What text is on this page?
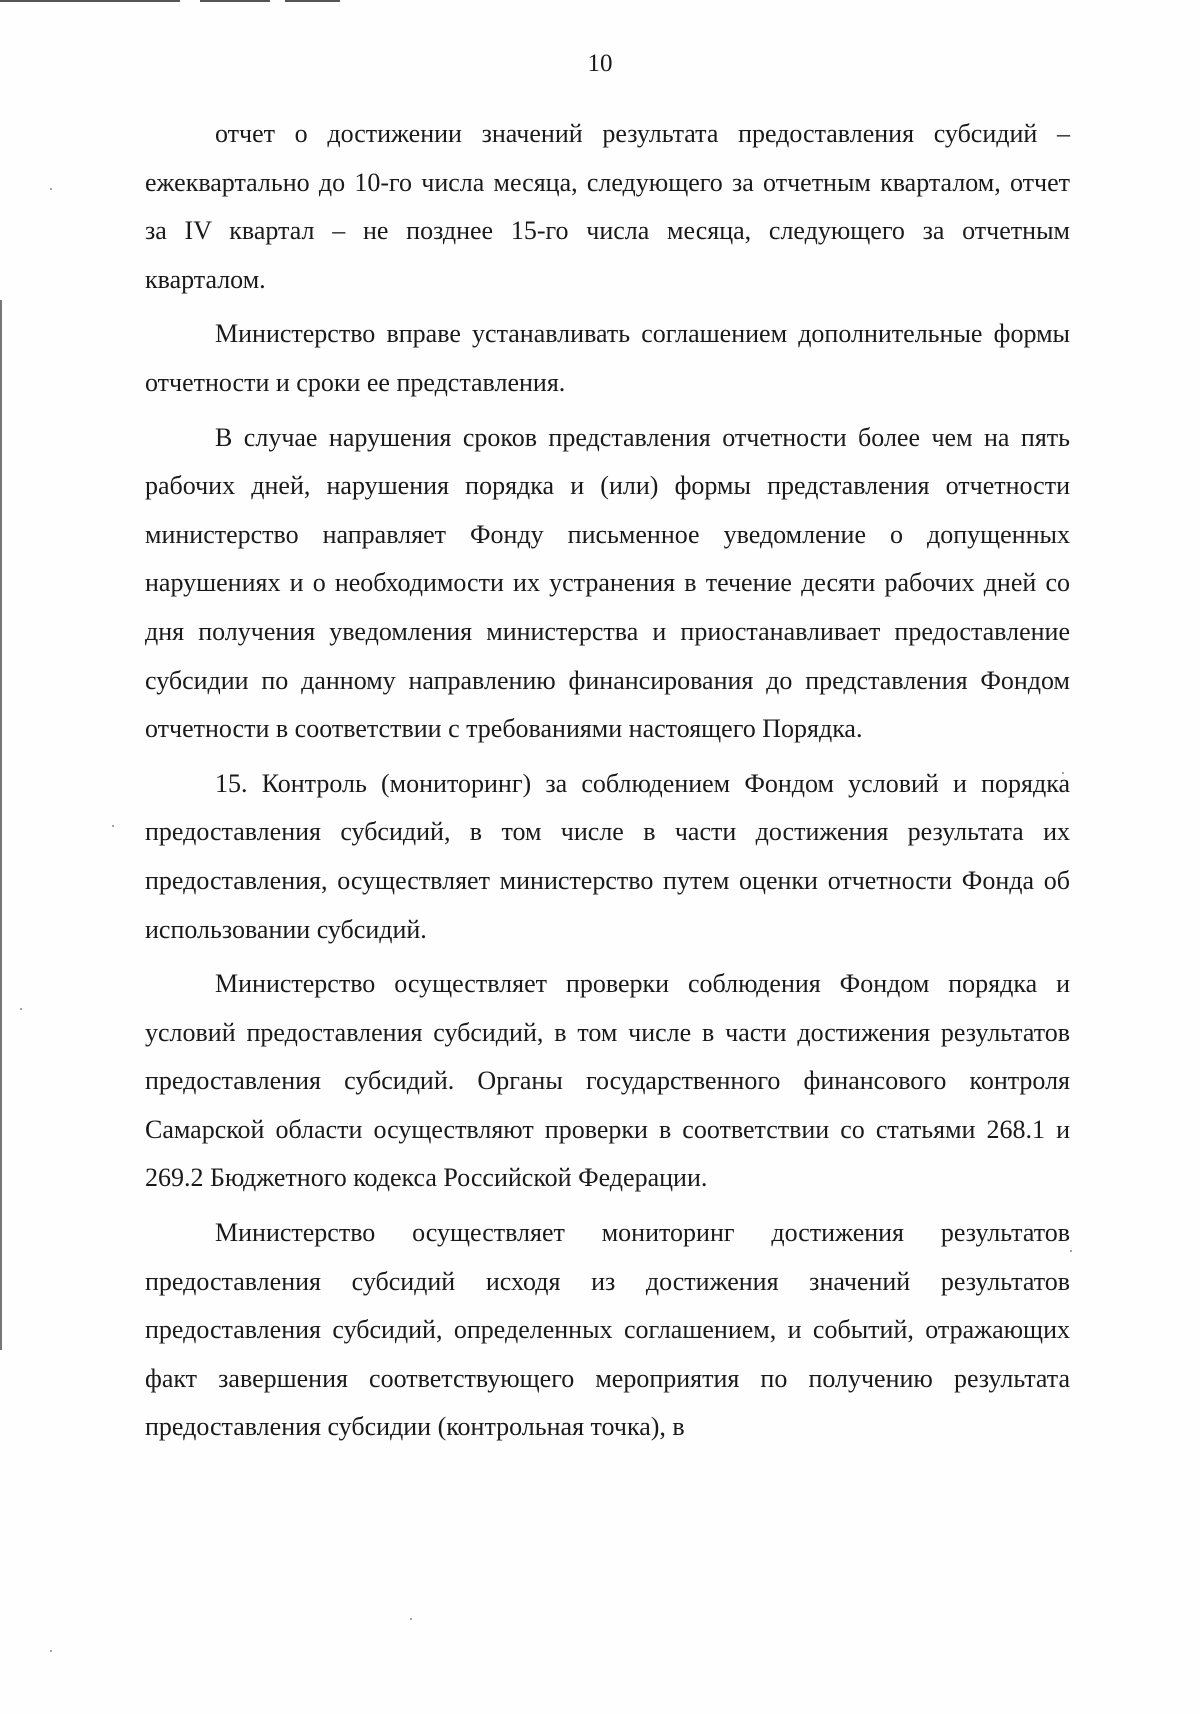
10

отчет о достижении значений результата предоставления субсидий – ежеквартально до 10-го числа месяца, следующего за отчетным кварталом, отчет за IV квартал – не позднее 15-го числа месяца, следующего за отчетным кварталом.

Министерство вправе устанавливать соглашением дополнительные формы отчетности и сроки ее представления.

В случае нарушения сроков представления отчетности более чем на пять рабочих дней, нарушения порядка и (или) формы представления отчетности министерство направляет Фонду письменное уведомление о допущенных нарушениях и о необходимости их устранения в течение десяти рабочих дней со дня получения уведомления министерства и приостанавливает предоставление субсидии по данному направлению финансирования до представления Фондом отчетности в соответствии с требованиями настоящего Порядка.

15. Контроль (мониторинг) за соблюдением Фондом условий и порядка предоставления субсидий, в том числе в части достижения результата их предоставления, осуществляет министерство путем оценки отчетности Фонда об использовании субсидий.

Министерство осуществляет проверки соблюдения Фондом порядка и условий предоставления субсидий, в том числе в части достижения результатов предоставления субсидий. Органы государственного финансового контроля Самарской области осуществляют проверки в соответствии со статьями 268.1 и 269.2 Бюджетного кодекса Российской Федерации.

Министерство осуществляет мониторинг достижения результатов предоставления субсидий исходя из достижения значений результатов предоставления субсидий, определенных соглашением, и событий, отражающих факт завершения соответствующего мероприятия по получению результата предоставления субсидии (контрольная точка), в
